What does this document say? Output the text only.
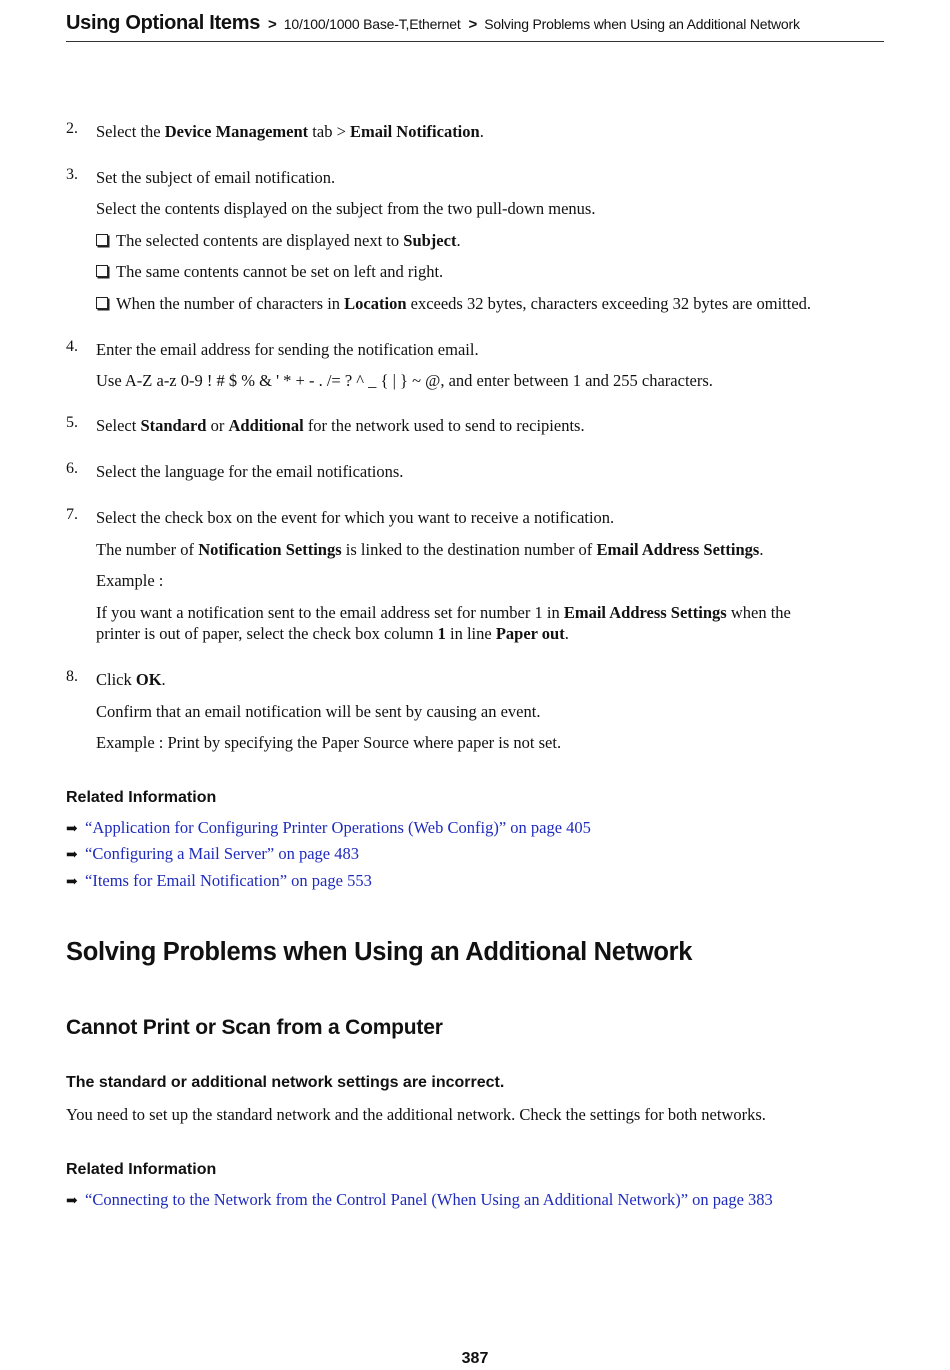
Using Optional Items > 10/100/1000 Base-T,Ethernet > Solving Problems when Using an Additional Network
2. Select the Device Management tab > Email Notification.
3. Set the subject of email notification.
Select the contents displayed on the subject from the two pull-down menus.
The selected contents are displayed next to Subject.
The same contents cannot be set on left and right.
When the number of characters in Location exceeds 32 bytes, characters exceeding 32 bytes are omitted.
4. Enter the email address for sending the notification email.
Use A-Z a-z 0-9 ! # $ % & ' * + - . /= ? ^ _ { | } ~ @, and enter between 1 and 255 characters.
5. Select Standard or Additional for the network used to send to recipients.
6. Select the language for the email notifications.
7. Select the check box on the event for which you want to receive a notification.
The number of Notification Settings is linked to the destination number of Email Address Settings.
Example :
If you want a notification sent to the email address set for number 1 in Email Address Settings when the
printer is out of paper, select the check box column 1 in line Paper out.
8. Click OK.
Confirm that an email notification will be sent by causing an event.
Example : Print by specifying the Paper Source where paper is not set.
Related Information
➡ “Application for Configuring Printer Operations (Web Config)” on page 405
➡ “Configuring a Mail Server” on page 483
➡ “Items for Email Notification” on page 553
Solving Problems when Using an Additional Network
Cannot Print or Scan from a Computer
The standard or additional network settings are incorrect.
You need to set up the standard network and the additional network. Check the settings for both networks.
Related Information
➡ “Connecting to the Network from the Control Panel (When Using an Additional Network)” on page 383
387
